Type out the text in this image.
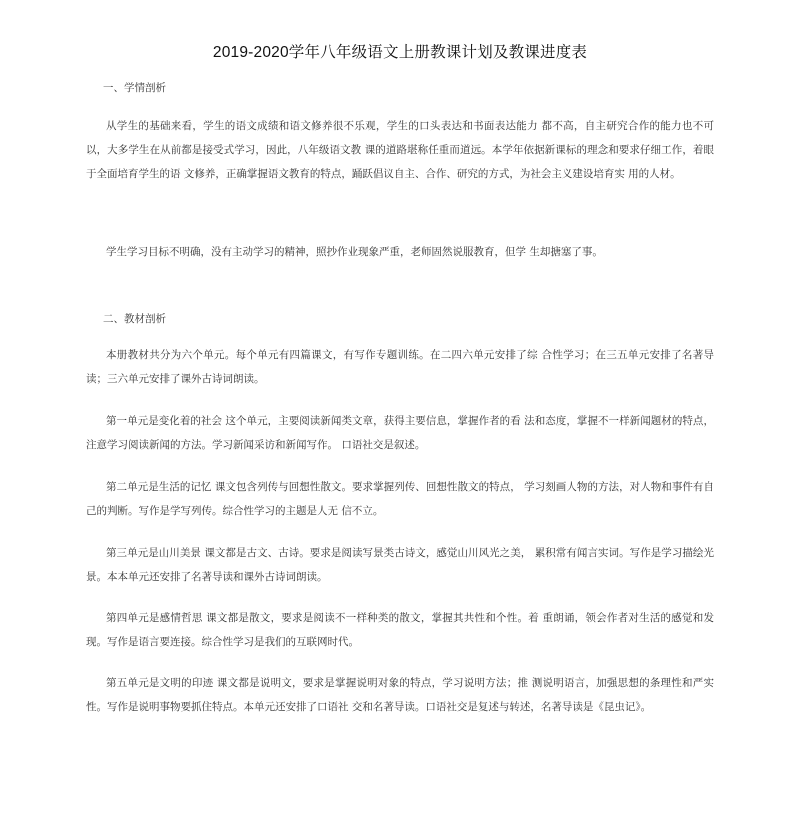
2019-2020学年八年级语文上册教课计划及教课进度表
一、学情剖析
从学生的基础来看，学生的语文成绩和语文修养很不乐观，学生的口头表达和书面表达能力 都不高，自主研究合作的能力也不可以，大多学生在从前都是接受式学习，因此，八年级语文教 课的道路堪称任重而道远。本学年依据新课标的理念和要求仔细工作，着眼于全面培育学生的语 文修养，正确掌握语文教育的特点，踊跃倡议自主、合作、研究的方式，为社会主义建设培育实 用的人材。
学生学习目标不明确，没有主动学习的精神，照抄作业现象严重，老师固然说服教育，但学 生却搪塞了事。
二、教材剖析
本册教材共分为六个单元。每个单元有四篇课文，有写作专题训练。在二四六单元安排了综 合性学习；在三五单元安排了名著导读；三六单元安排了课外古诗词朗读。
第一单元是变化着的社会 这个单元，主要阅读新闻类文章，获得主要信息，掌握作者的看 法和态度，掌握不一样新闻题材的特点，注意学习阅读新闻的方法。学习新闻采访和新闻写作。 口语社交是叙述。
第二单元是生活的记忆 课文包含列传与回想性散文。要求掌握列传、回想性散文的特点， 学习刻画人物的方法，对人物和事件有自己的判断。写作是学写列传。综合性学习的主题是人无 信不立。
第三单元是山川美景 课文都是古文、古诗。要求是阅读写景类古诗文，感觉山川风光之美， 累积常有闻言实词。写作是学习描绘光景。本本单元还安排了名著导读和课外古诗词朗读。
第四单元是感情哲思 课文都是散文，要求是阅读不一样种类的散文，掌握其共性和个性。着 重朗诵，领会作者对生活的感觉和发现。写作是语言要连接。综合性学习是我们的互联网时代。
第五单元是文明的印迹 课文都是说明文，要求是掌握说明对象的特点，学习说明方法；推 测说明语言，加强思想的条理性和严实性。写作是说明事物要抓住特点。本单元还安排了口语社 交和名著导读。口语社交是复述与转述，名著导读是《昆虫记》。
